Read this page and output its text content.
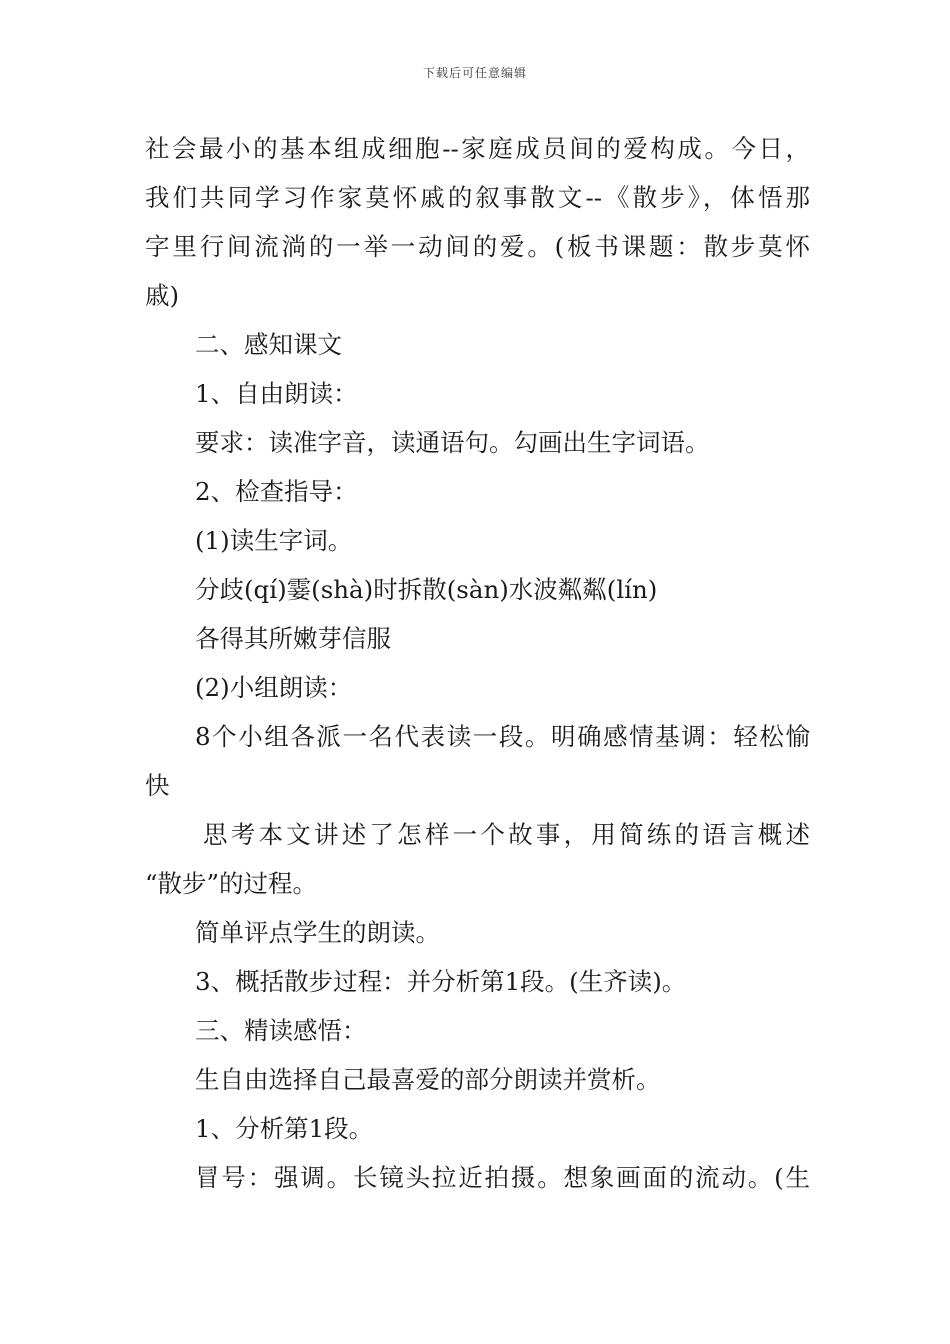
下载后可任意编辑
社会最小的基本组成细胞--家庭成员间的爱构成。今日，
我们共同学习作家莫怀戚的叙事散文--《散步》，体悟那
字里行间流淌的一举一动间的爱。(板书课题：散步莫怀
戚)
二、感知课文
1、自由朗读：
要求：读准字音，读通语句。勾画出生字词语。
2、检查指导：
(1)读生字词。
分歧(qí)霎(shà)时拆散(sàn)水波粼粼(lín)
各得其所嫩芽信服
(2)小组朗读：
8个小组各派一名代表读一段。明确感情基调：轻松愉
快
思考本文讲述了怎样一个故事，用简练的语言概述
“散步”的过程。
简单评点学生的朗读。
3、概括散步过程：并分析第1段。(生齐读)。
三、精读感悟：
生自由选择自己最喜爱的部分朗读并赏析。
1、分析第1段。
冒号：强调。长镜头拉近拍摄。想象画面的流动。(生
